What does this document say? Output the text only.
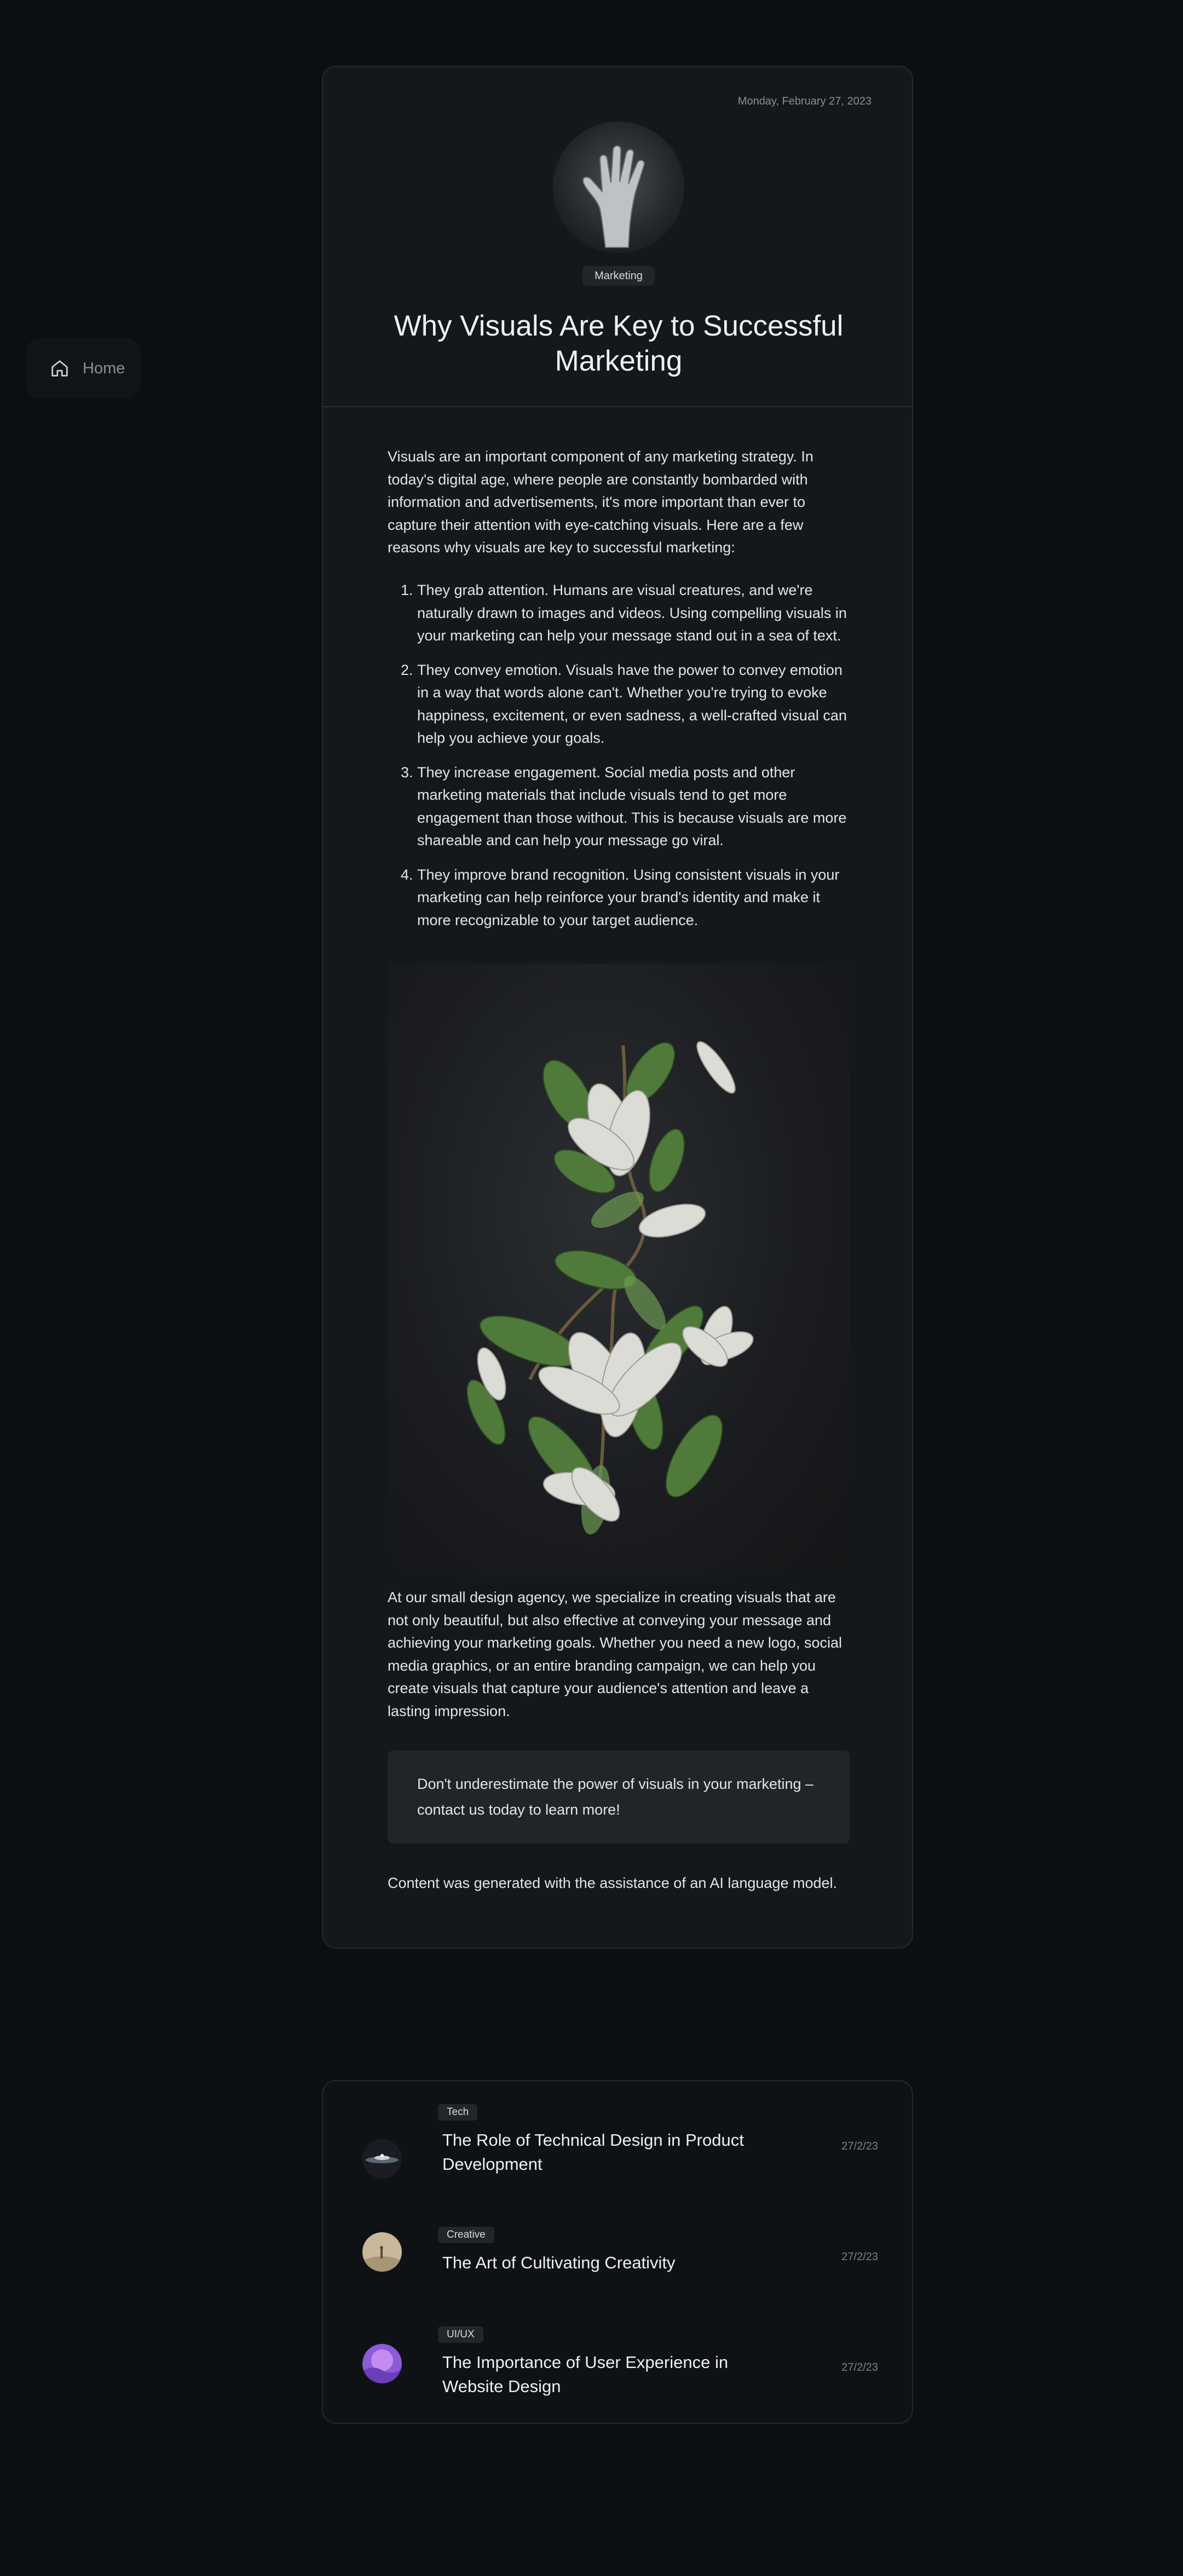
Home
Monday, February 27, 2023
Marketing
Why Visuals Are Key to Successful Marketing

Visuals are an important component of any marketing strategy. In today's digital age, where people are constantly bombarded with information and advertisements, it's more important than ever to capture their attention with eye-catching visuals. Here are a few reasons why visuals are key to successful marketing:

1. They grab attention. Humans are visual creatures, and we're naturally drawn to images and videos. Using compelling visuals in your marketing can help your message stand out in a sea of text.
2. They convey emotion. Visuals have the power to convey emotion in a way that words alone can't. Whether you're trying to evoke happiness, excitement, or even sadness, a well-crafted visual can help you achieve your goals.
3. They increase engagement. Social media posts and other marketing materials that include visuals tend to get more engagement than those without. This is because visuals are more shareable and can help your message go viral.
4. They improve brand recognition. Using consistent visuals in your marketing can help reinforce your brand's identity and make it more recognizable to your target audience.

At our small design agency, we specialize in creating visuals that are not only beautiful, but also effective at conveying your message and achieving your marketing goals. Whether you need a new logo, social media graphics, or an entire branding campaign, we can help you create visuals that capture your audience's attention and leave a lasting impression.

Don't underestimate the power of visuals in your marketing – contact us today to learn more!

Content was generated with the assistance of an AI language model.

Tech

The Role of Technical Design in Product Development

27/2/23
Creative

The Art of Cultivating Creativity	27/2/23
UI/UX

The Importance of User Experience in Website Design

27/2/23
